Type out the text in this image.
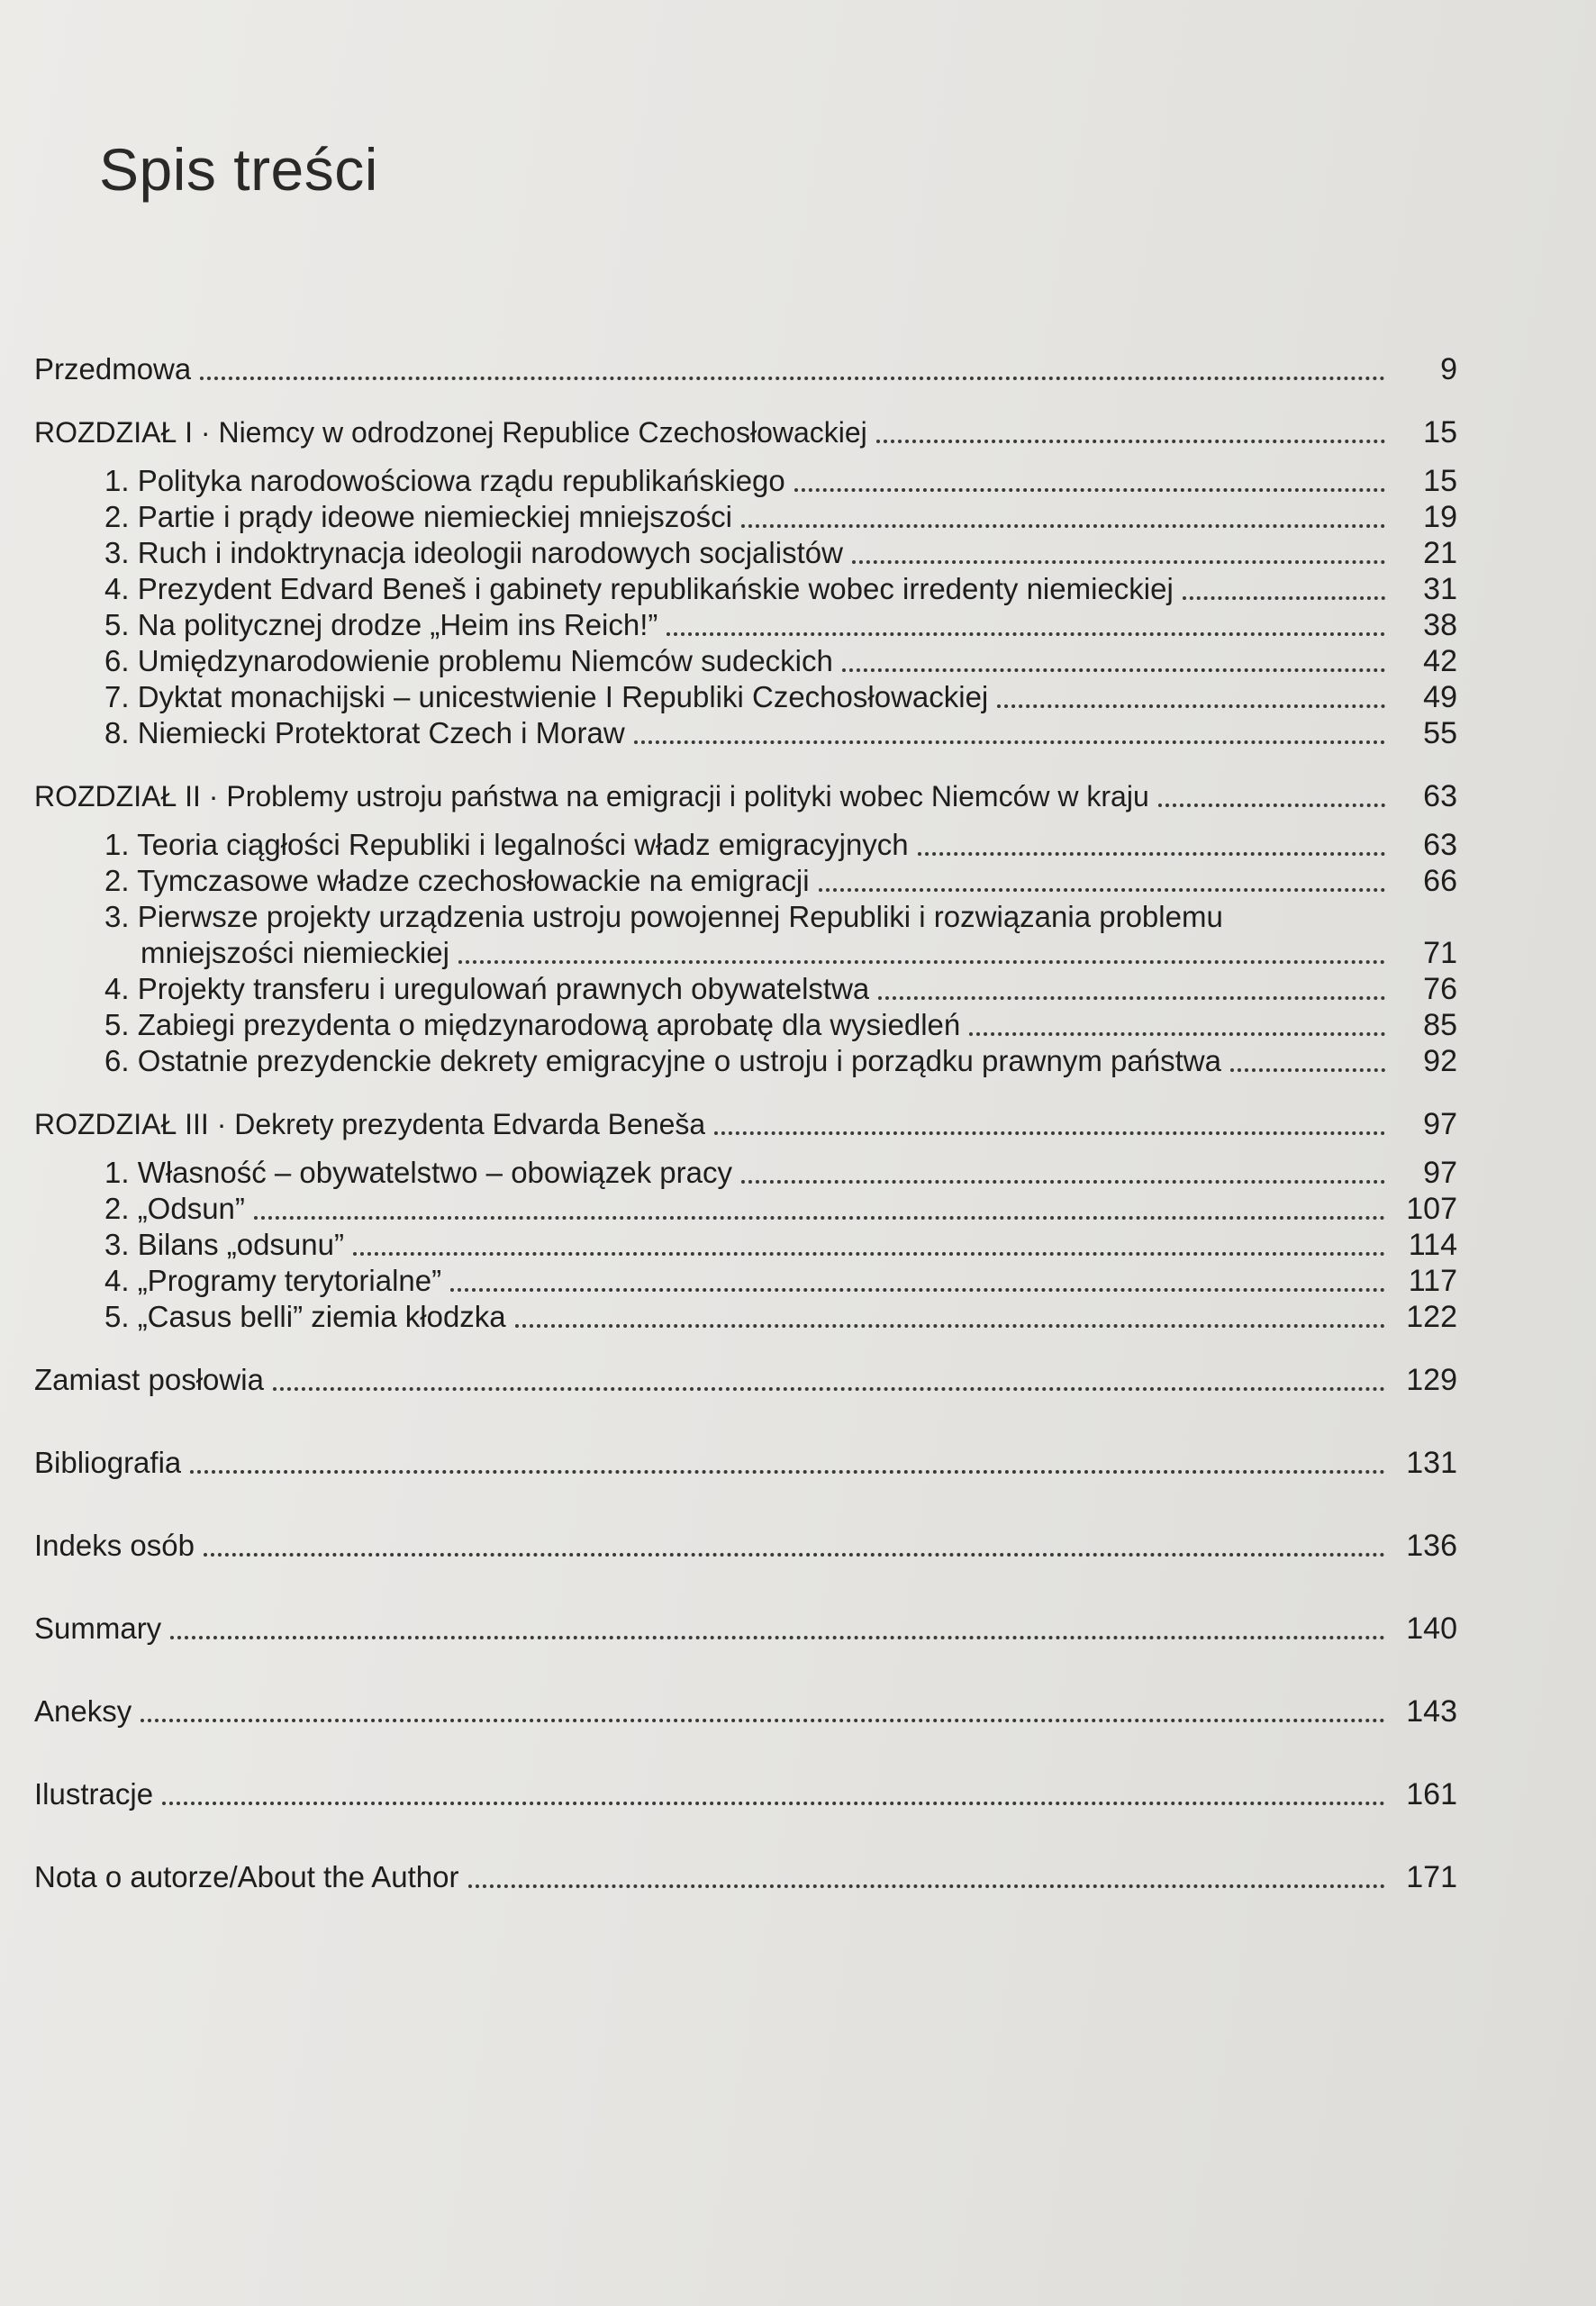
Spis treści
Przedmowa	9
ROZDZIAŁ I · Niemcy w odrodzonej Republice Czechosłowackiej	15
1. Polityka narodowościowa rządu republikańskiego	15
2. Partie i prądy ideowe niemieckiej mniejszości	19
3. Ruch i indoktrynacja ideologii narodowych socjalistów	21
4. Prezydent Edvard Beneš i gabinety republikańskie wobec irredenty niemieckiej	31
5. Na politycznej drodze „Heim ins Reich!”	38
6. Umiędzynarodowienie problemu Niemców sudeckich	42
7. Dyktat monachijski – unicestwienie I Republiki Czechosłowackiej	49
8. Niemiecki Protektorat Czech i Moraw	55
ROZDZIAŁ II · Problemy ustroju państwa na emigracji i polityki wobec Niemców w kraju	63
1. Teoria ciągłości Republiki i legalności władz emigracyjnych	63
2. Tymczasowe władze czechosłowackie na emigracji	66
3. Pierwsze projekty urządzenia ustroju powojennej Republiki i rozwiązania problemu
mniejszości niemieckiej	71
4. Projekty transferu i uregulowań prawnych obywatelstwa	76
5. Zabiegi prezydenta o międzynarodową aprobatę dla wysiedleń	85
6. Ostatnie prezydenckie dekrety emigracyjne o ustroju i porządku prawnym państwa	92
ROZDZIAŁ III · Dekrety prezydenta Edvarda Beneša	97
1. Własność – obywatelstwo – obowiązek pracy	97
2. „Odsun”	107
3. Bilans „odsunu”	114
4. „Programy terytorialne”	117
5. „Casus belli” ziemia kłodzka	122
Zamiast posłowia	129
Bibliografia	131
Indeks osób	136
Summary	140
Aneksy	143
Ilustracje	161
Nota o autorze/About the Author	171
